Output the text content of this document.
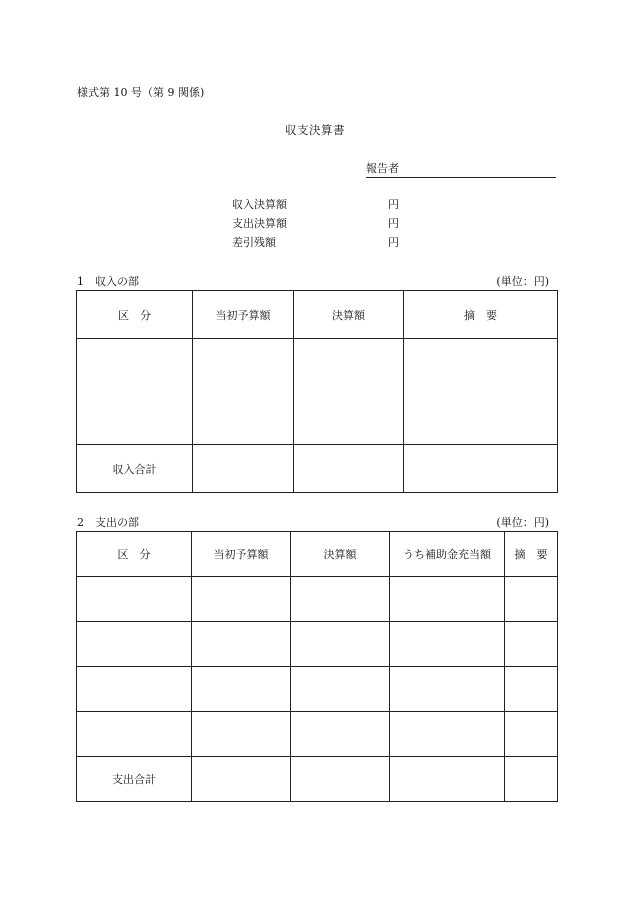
様式第 10 号（第 9 関係)
収支決算書
報告者
収入決算額	円
支出決算額	円
差引残額	円
1　収入の部	(単位：円)
区　分	当初予算額	決算額	摘　要

収入合計			
2　支出の部	(単位：円)
区　分	当初予算額	決算額	うち補助金充当額	摘　要

支出合計				
